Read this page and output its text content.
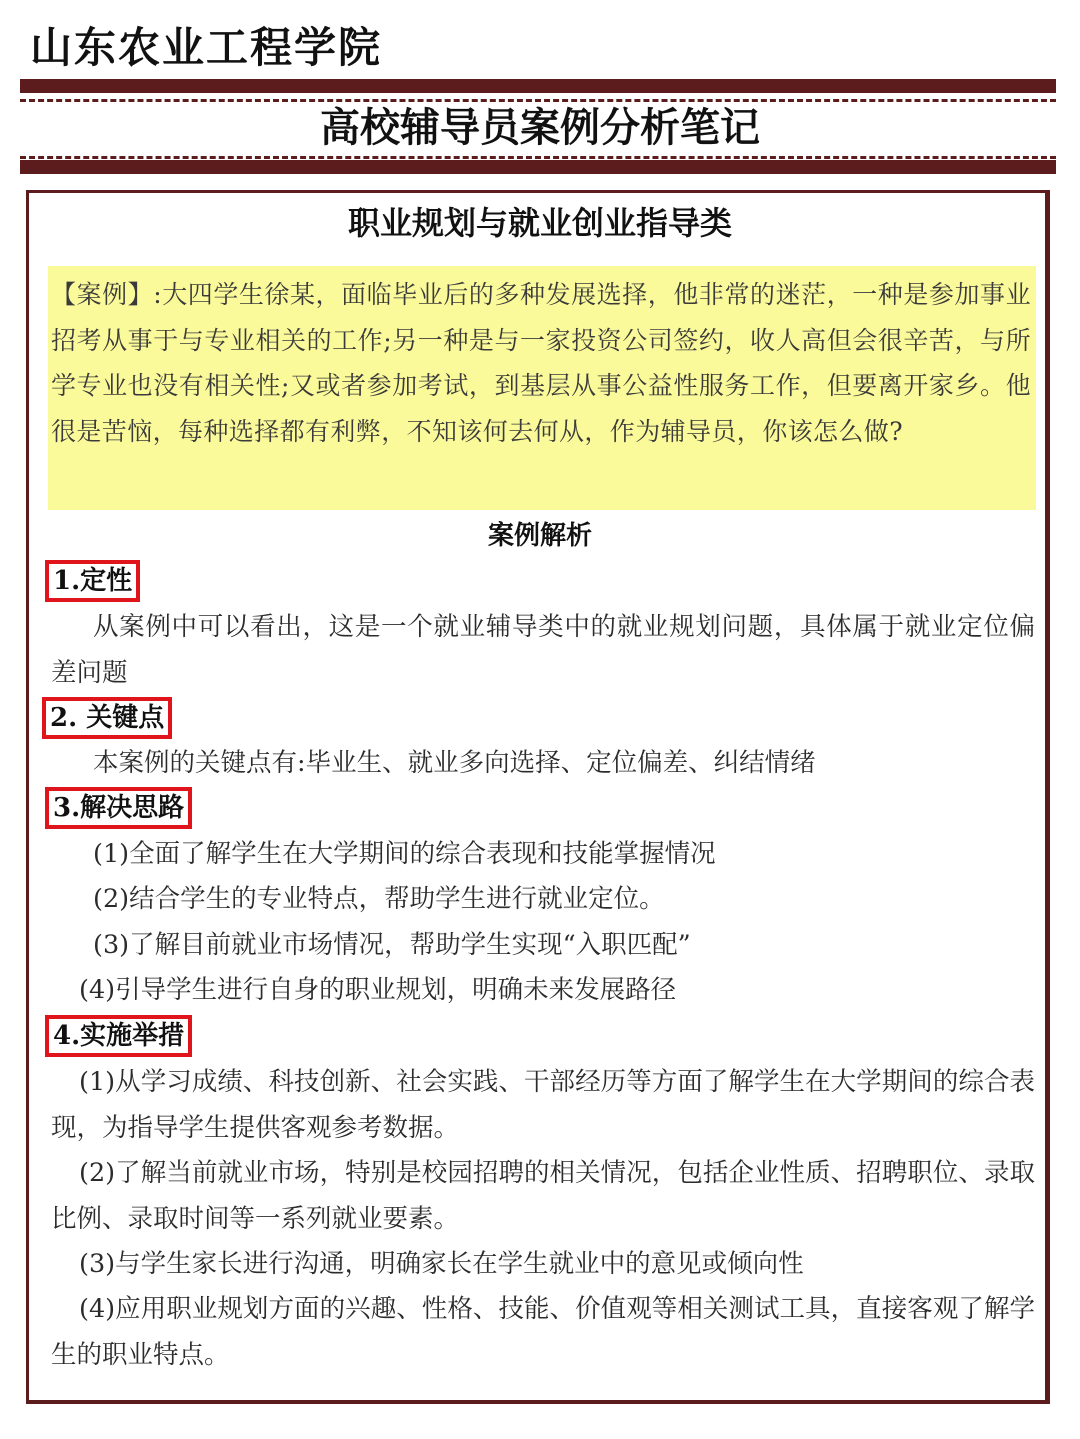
山东农业工程学院
高校辅导员案例分析笔记
职业规划与就业创业指导类

【案例】:大四学生徐某，面临毕业后的多种发展选择，他非常的迷茫，一种是参加事业招考从事于与专业相关的工作;另一种是与一家投资公司签约，收人高但会很辛苦，与所学专业也没有相关性;又或者参加考试，到基层从事公益性服务工作，但要离开家乡。他很是苦恼，每种选择都有利弊，不知该何去何从，作为辅导员，你该怎么做?

案例解析
1.定性

从案例中可以看出，这是一个就业辅导类中的就业规划问题，具体属于就业定位偏差问题

2. 关键点

本案例的关键点有:毕业生、就业多向选择、定位偏差、纠结情绪

3.解决思路

(1)全面了解学生在大学期间的综合表现和技能掌握情况

(2)结合学生的专业特点，帮助学生进行就业定位。

(3)了解目前就业市场情况，帮助学生实现“入职匹配”

(4)引导学生进行自身的职业规划，明确未来发展路径

4.实施举措

(1)从学习成绩、科技创新、社会实践、干部经历等方面了解学生在大学期间的综合表现，为指导学生提供客观参考数据。

(2)了解当前就业市场，特别是校园招聘的相关情况，包括企业性质、招聘职位、录取比例、录取时间等一系列就业要素。

(3)与学生家长进行沟通，明确家长在学生就业中的意见或倾向性

(4)应用职业规划方面的兴趣、性格、技能、价值观等相关测试工具，直接客观了解学生的职业特点。
